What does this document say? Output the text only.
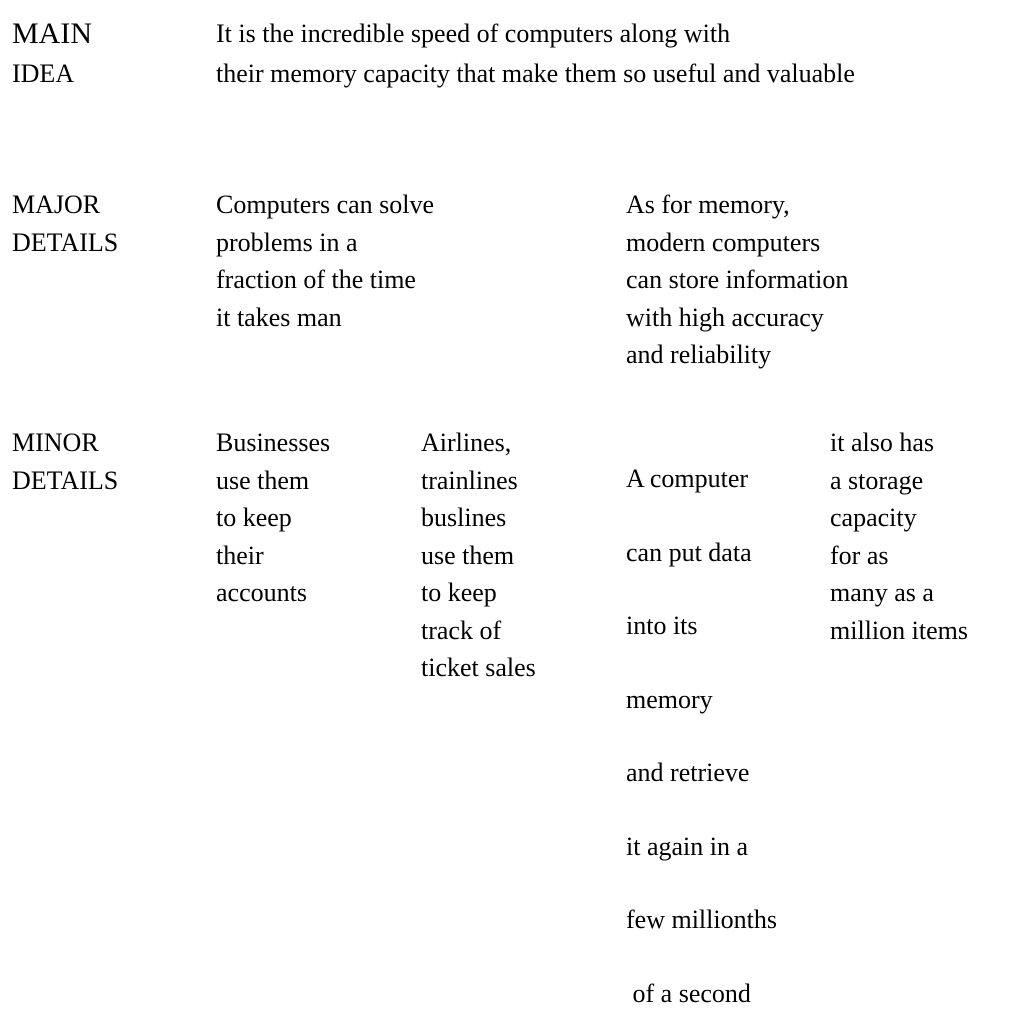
MAIN
IDEA
It is the incredible speed of computers along with
their memory capacity that make them so useful and valuable
MAJOR
DETAILS
Computers can solve
problems in a
fraction of the time
it takes man
As for memory,
modern computers
can store information
with high accuracy
and reliability
MINOR
DETAILS
Businesses
use them
to keep
their
accounts
Airlines,
trainlines
buslines
use them
to keep
track of
ticket sales

A computer

can put data

into its

memory

and retrieve

it again in a

few millionths

of a second

it also has
a storage
capacity
for as
many as a
million items
